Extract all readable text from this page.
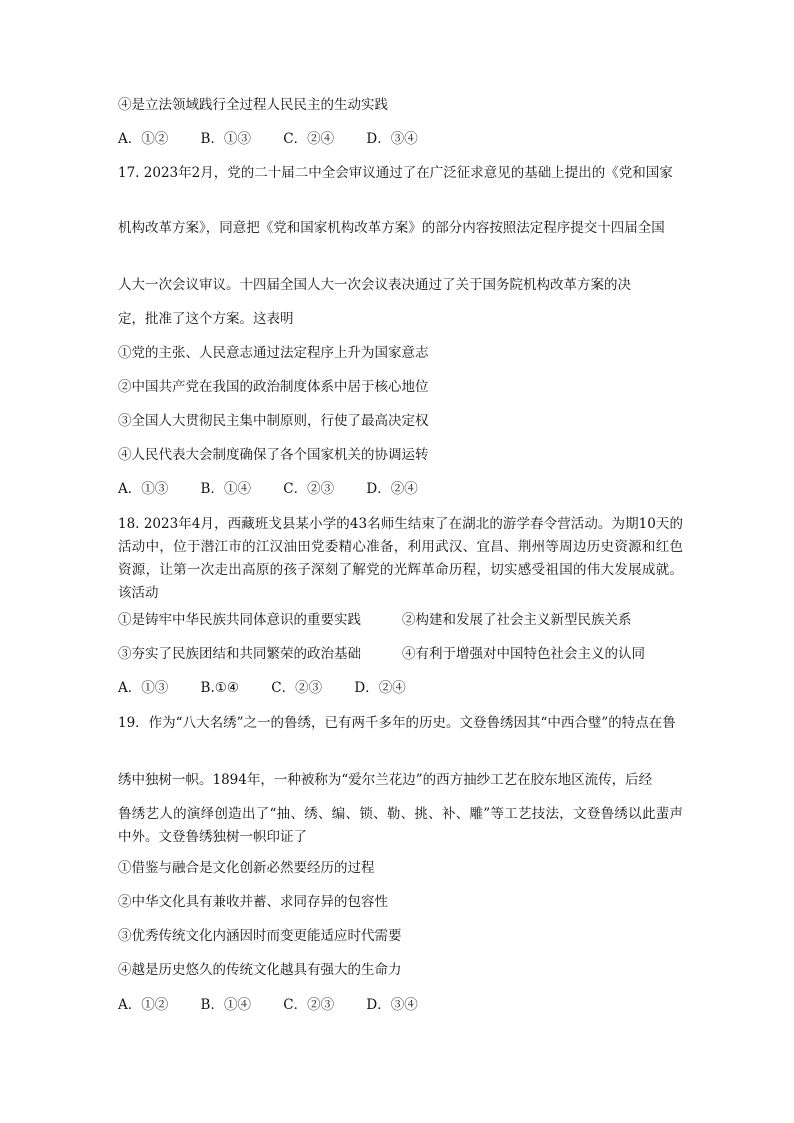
④是立法领域践行全过程人民民主的生动实践

A．①② B．①③ C．②④ D．③④

17. 2023年2月，党的二十届二中全会审议通过了在广泛征求意见的基础上提出的《党和国家

机构改革方案》，同意把《党和国家机构改革方案》的部分内容按照法定程序提交十四届全国

人大一次会议审议。十四届全国人大一次会议表决通过了关于国务院机构改革方案的决

定，批准了这个方案。这表明

①党的主张、人民意志通过法定程序上升为国家意志

②中国共产党在我国的政治制度体系中居于核心地位

③全国人大贯彻民主集中制原则，行使了最高决定权

④人民代表大会制度确保了各个国家机关的协调运转

A．①③ B．①④ C．②③ D．②④

18. 2023年4月，西藏班戈县某小学的43名师生结束了在湖北的游学春令营活动。为期10天的活动中，位于潜江市的江汉油田党委精心准备，利用武汉、宜昌、荆州等周边历史资源和红色资源，让第一次走出高原的孩子深刻了解党的光辉革命历程，切实感受祖国的伟大发展成就。该活动

①是铸牢中华民族共同体意识的重要实践	②构建和发展了社会主义新型民族关系
③夯实了民族团结和共同繁荣的政治基础	④有利于增强对中国特色社会主义的认同
A．①③ B.①④ C．②③ D．②④

19．作为“八大名绣”之一的鲁绣，已有两千多年的历史。文登鲁绣因其“中西合璧”的特点在鲁

绣中独树一帜。1894年，一种被称为“爱尔兰花边”的西方抽纱工艺在胶东地区流传，后经

鲁绣艺人的演绎创造出了“抽、绣、编、锁、勒、挑、补、雕”等工艺技法，文登鲁绣以此蜚声中外。文登鲁绣独树一帜印证了

①借鉴与融合是文化创新必然要经历的过程

②中华文化具有兼收并蓄、求同存异的包容性

③优秀传统文化内涵因时而变更能适应时代需要

④越是历史悠久的传统文化越具有强大的生命力

A．①② B．①④ C．②③ D．③④
